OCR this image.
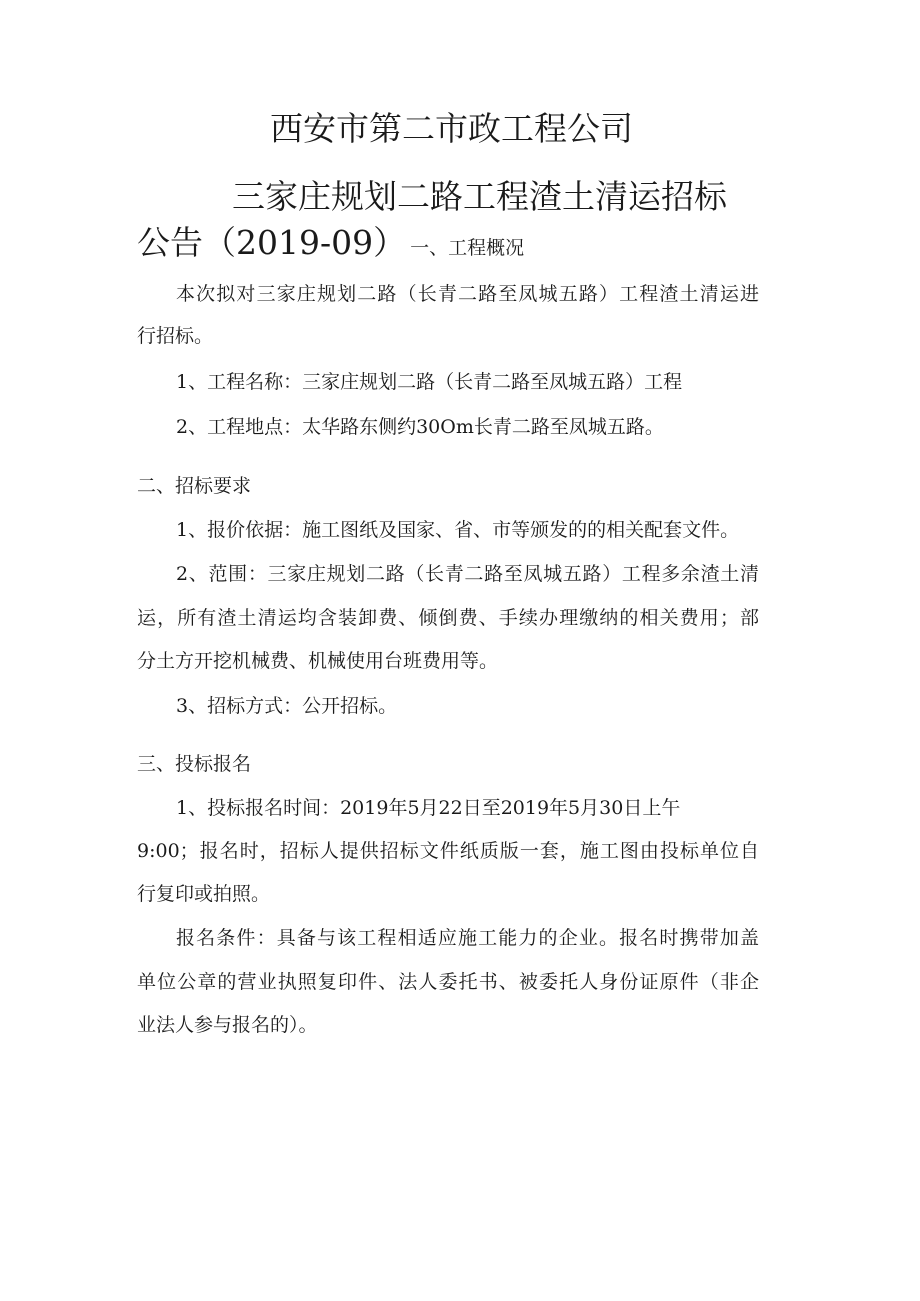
西安市第二市政工程公司
三家庄规划二路工程渣土清运招标
公告（2019-09） 一、工程概况
本次拟对三家庄规划二路（长青二路至凤城五路）工程渣土清运进
行招标。
1、工程名称：三家庄规划二路（长青二路至凤城五路）工程
2、工程地点：太华路东侧约30Om长青二路至凤城五路。
二、招标要求
1、报价依据：施工图纸及国家、省、市等颁发的的相关配套文件。
2、范围：三家庄规划二路（长青二路至凤城五路）工程多余渣土清
运，所有渣土清运均含装卸费、倾倒费、手续办理缴纳的相关费用；部
分土方开挖机械费、机械使用台班费用等。
3、招标方式：公开招标。
三、投标报名
1、投标报名时间：2019年5月22日至2019年5月30日上午
9:00；报名时，招标人提供招标文件纸质版一套，施工图由投标单位自
行复印或拍照。
报名条件：具备与该工程相适应施工能力的企业。报名时携带加盖
单位公章的营业执照复印件、法人委托书、被委托人身份证原件（非企
业法人参与报名的）。
